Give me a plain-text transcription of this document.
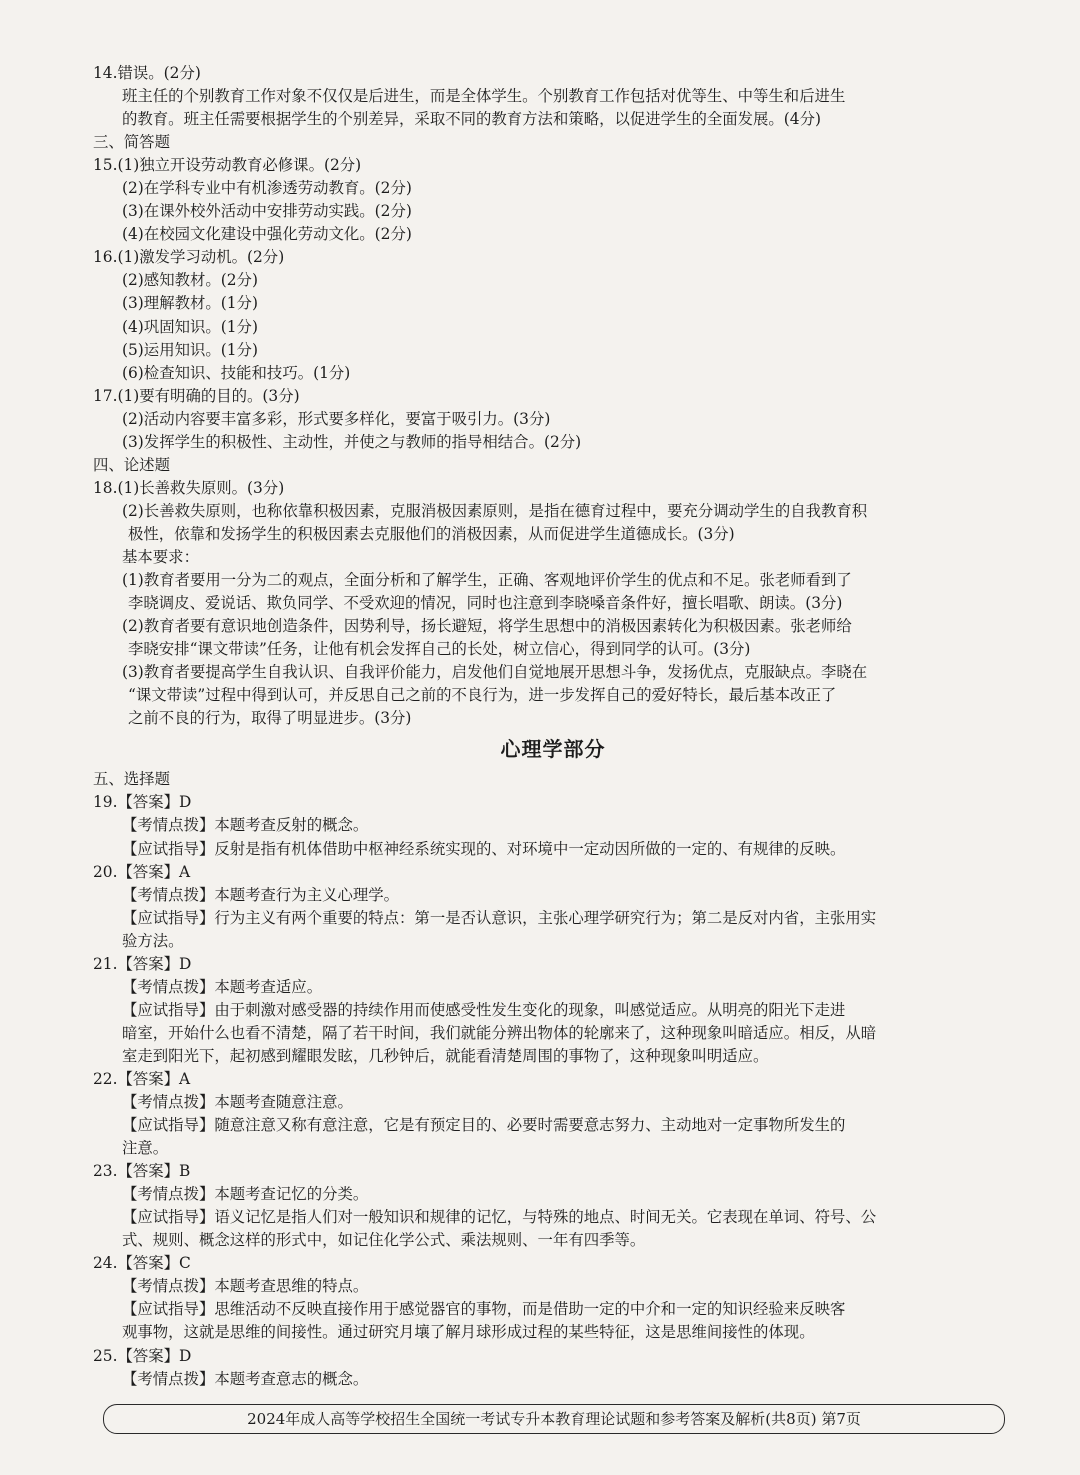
14.错误。(2分)
班主任的个别教育工作对象不仅仅是后进生，而是全体学生。个别教育工作包括对优等生、中等生和后进生
的教育。班主任需要根据学生的个别差异，采取不同的教育方法和策略，以促进学生的全面发展。(4分)
三、简答题
15.(1)独立开设劳动教育必修课。(2分)
(2)在学科专业中有机渗透劳动教育。(2分)
(3)在课外校外活动中安排劳动实践。(2分)
(4)在校园文化建设中强化劳动文化。(2分)
16.(1)激发学习动机。(2分)
(2)感知教材。(2分)
(3)理解教材。(1分)
(4)巩固知识。(1分)
(5)运用知识。(1分)
(6)检查知识、技能和技巧。(1分)
17.(1)要有明确的目的。(3分)
(2)活动内容要丰富多彩，形式要多样化，要富于吸引力。(3分)
(3)发挥学生的积极性、主动性，并使之与教师的指导相结合。(2分)
四、论述题
18.(1)长善救失原则。(3分)
(2)长善救失原则，也称依靠积极因素，克服消极因素原则，是指在德育过程中，要充分调动学生的自我教育积
极性，依靠和发扬学生的积极因素去克服他们的消极因素，从而促进学生道德成长。(3分)
基本要求：
(1)教育者要用一分为二的观点，全面分析和了解学生，正确、客观地评价学生的优点和不足。张老师看到了
李晓调皮、爱说话、欺负同学、不受欢迎的情况，同时也注意到李晓嗓音条件好，擅长唱歌、朗读。(3分)
(2)教育者要有意识地创造条件，因势利导，扬长避短，将学生思想中的消极因素转化为积极因素。张老师给
李晓安排“课文带读”任务，让他有机会发挥自己的长处，树立信心，得到同学的认可。(3分)
(3)教育者要提高学生自我认识、自我评价能力，启发他们自觉地展开思想斗争，发扬优点，克服缺点。李晓在
“课文带读”过程中得到认可，并反思自己之前的不良行为，进一步发挥自己的爱好特长，最后基本改正了
之前不良的行为，取得了明显进步。(3分)
心理学部分
五、选择题
19.【答案】D
【考情点拨】本题考查反射的概念。
【应试指导】反射是指有机体借助中枢神经系统实现的、对环境中一定动因所做的一定的、有规律的反映。
20.【答案】A
【考情点拨】本题考查行为主义心理学。
【应试指导】行为主义有两个重要的特点：第一是否认意识，主张心理学研究行为；第二是反对内省，主张用实
验方法。
21.【答案】D
【考情点拨】本题考查适应。
【应试指导】由于刺激对感受器的持续作用而使感受性发生变化的现象，叫感觉适应。从明亮的阳光下走进
暗室，开始什么也看不清楚，隔了若干时间，我们就能分辨出物体的轮廓来了，这种现象叫暗适应。相反，从暗
室走到阳光下，起初感到耀眼发眩，几秒钟后，就能看清楚周围的事物了，这种现象叫明适应。
22.【答案】A
【考情点拨】本题考查随意注意。
【应试指导】随意注意又称有意注意，它是有预定目的、必要时需要意志努力、主动地对一定事物所发生的
注意。
23.【答案】B
【考情点拨】本题考查记忆的分类。
【应试指导】语义记忆是指人们对一般知识和规律的记忆，与特殊的地点、时间无关。它表现在单词、符号、公
式、规则、概念这样的形式中，如记住化学公式、乘法规则、一年有四季等。
24.【答案】C
【考情点拨】本题考查思维的特点。
【应试指导】思维活动不反映直接作用于感觉器官的事物，而是借助一定的中介和一定的知识经验来反映客
观事物，这就是思维的间接性。通过研究月壤了解月球形成过程的某些特征，这是思维间接性的体现。
25.【答案】D
【考情点拨】本题考查意志的概念。
2024年成人高等学校招生全国统一考试专升本教育理论试题和参考答案及解析(共8页) 第7页
